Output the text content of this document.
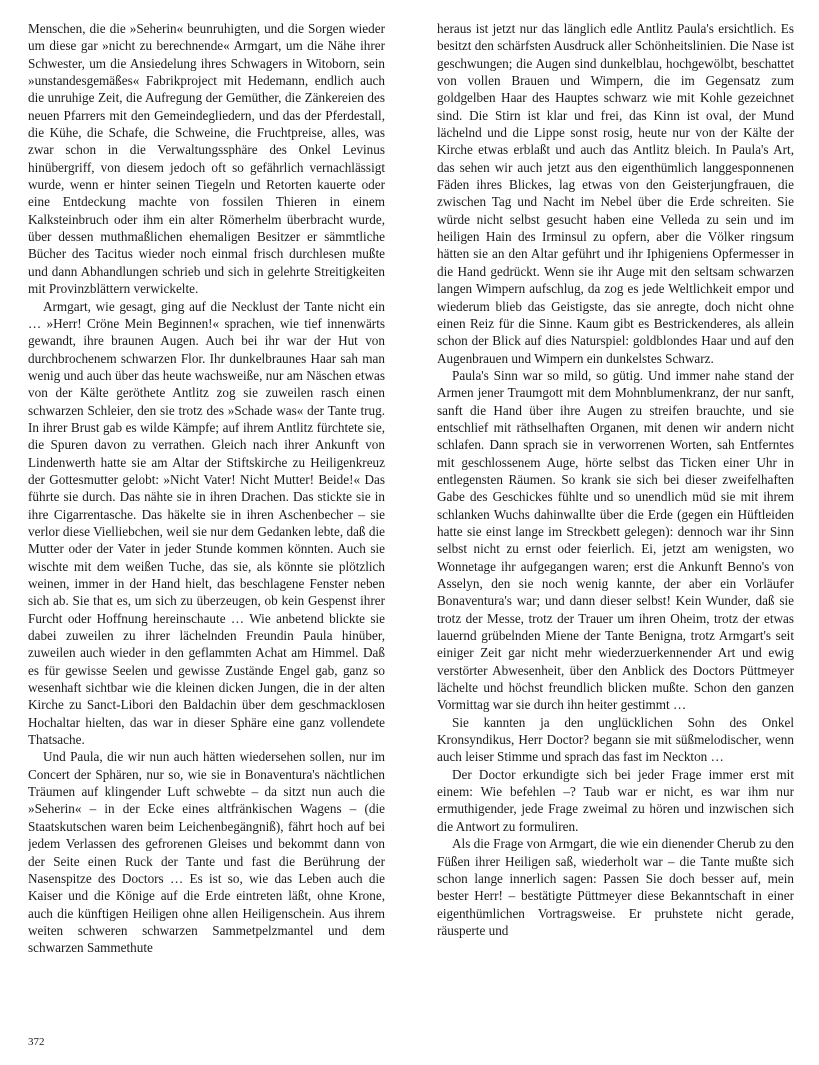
Menschen, die die »Seherin« beunruhigten, und die Sorgen wieder um diese gar »nicht zu berechnende« Armgart, um die Nähe ihrer Schwester, um die Ansiedelung ihres Schwagers in Witoborn, sein »unstandesgemäßes« Fabrikproject mit Hedemann, endlich auch die unruhige Zeit, die Aufregung der Gemüther, die Zänkereien des neuen Pfarrers mit den Gemeindegliedern, und das der Pferdestall, die Kühe, die Schafe, die Schweine, die Fruchtpreise, alles, was zwar schon in die Verwaltungssphäre des Onkel Levinus hinübergriff, von diesem jedoch oft so gefährlich vernachlässigt wurde, wenn er hinter seinen Tiegeln und Retorten kauerte oder eine Entdeckung machte von fossilen Thieren in einem Kalksteinbruch oder ihm ein alter Römerhelm überbracht wurde, über dessen muthmaßlichen ehemaligen Besitzer er sämmtliche Bücher des Tacitus wieder noch einmal frisch durchlesen mußte und dann Abhandlungen schrieb und sich in gelehrte Streitigkeiten mit Provinzblättern verwickelte.

Armgart, wie gesagt, ging auf die Necklust der Tante nicht ein … »Herr! Cröne Mein Beginnen!« sprachen, wie tief innenwärts gewandt, ihre braunen Augen. Auch bei ihr war der Hut von durchbrochenem schwarzen Flor. Ihr dunkelbraunes Haar sah man wenig und auch über das heute wachsweiße, nur am Näschen etwas von der Kälte geröthete Antlitz zog sie zuweilen rasch einen schwarzen Schleier, den sie trotz des »Schade was« der Tante trug. In ihrer Brust gab es wilde Kämpfe; auf ihrem Antlitz fürchtete sie, die Spuren davon zu verrathen. Gleich nach ihrer Ankunft von Lindenwerth hatte sie am Altar der Stiftskirche zu Heiligenkreuz der Gottesmutter gelobt: »Nicht Vater! Nicht Mutter! Beide!« Das führte sie durch. Das nähte sie in ihren Drachen. Das stickte sie in ihre Cigarrentasche. Das häkelte sie in ihren Aschenbecher – sie verlor diese Vielliebchen, weil sie nur dem Gedanken lebte, daß die Mutter oder der Vater in jeder Stunde kommen könnten. Auch sie wischte mit dem weißen Tuche, das sie, als könnte sie plötzlich weinen, immer in der Hand hielt, das beschlagene Fenster neben sich ab. Sie that es, um sich zu überzeugen, ob kein Gespenst ihrer Furcht oder Hoffnung hereinschaute … Wie anbetend blickte sie dabei zuweilen zu ihrer lächelnden Freundin Paula hinüber, zuweilen auch wieder in den geflammten Achat am Himmel. Daß es für gewisse Seelen und gewisse Zustände Engel gab, ganz so wesenhaft sichtbar wie die kleinen dicken Jungen, die in der alten Kirche zu Sanct-Libori den Baldachin über dem geschmacklosen Hochaltar hielten, das war in dieser Sphäre eine ganz vollendete Thatsache.

Und Paula, die wir nun auch hätten wiedersehen sollen, nur im Concert der Sphären, nur so, wie sie in Bonaventura's nächtlichen Träumen auf klingender Luft schwebte – da sitzt nun auch die »Seherin« – in der Ecke eines altfränkischen Wagens – (die Staatskutschen waren beim Leichenbegängniß), fährt hoch auf bei jedem Verlassen des gefrorenen Gleises und bekommt dann von der Seite einen Ruck der Tante und fast die Berührung der Nasenspitze des Doctors … Es ist so, wie das Leben auch die Kaiser und die Könige auf die Erde eintreten läßt, ohne Krone, auch die künftigen Heiligen ohne allen Heiligenschein. Aus ihrem weiten schweren schwarzen Sammetpelzmantel und dem schwarzen Sammethute

heraus ist jetzt nur das länglich edle Antlitz Paula's ersichtlich. Es besitzt den schärfsten Ausdruck aller Schönheitslinien. Die Nase ist geschwungen; die Augen sind dunkelblau, hochgewölbt, beschattet von vollen Brauen und Wimpern, die im Gegensatz zum goldgelben Haar des Hauptes schwarz wie mit Kohle gezeichnet sind. Die Stirn ist klar und frei, das Kinn ist oval, der Mund lächelnd und die Lippe sonst rosig, heute nur von der Kälte der Kirche etwas erblaßt und auch das Antlitz bleich. In Paula's Art, das sehen wir auch jetzt aus den eigenthümlich langgesponnenen Fäden ihres Blickes, lag etwas von den Geisterjungfrauen, die zwischen Tag und Nacht im Nebel über die Erde schreiten. Sie würde nicht selbst gesucht haben eine Velleda zu sein und im heiligen Hain des Irminsul zu opfern, aber die Völker ringsum hätten sie an den Altar geführt und ihr Iphigeniens Opfermesser in die Hand gedrückt. Wenn sie ihr Auge mit den seltsam schwarzen langen Wimpern aufschlug, da zog es jede Weltlichkeit empor und wiederum blieb das Geistigste, das sie anregte, doch nicht ohne einen Reiz für die Sinne. Kaum gibt es Bestrickenderes, als allein schon der Blick auf dies Naturspiel: goldblondes Haar und auf den Augenbrauen und Wimpern ein dunkelstes Schwarz.

Paula's Sinn war so mild, so gütig. Und immer nahe stand der Armen jener Traumgott mit dem Mohnblumenkranz, der nur sanft, sanft die Hand über ihre Augen zu streifen brauchte, und sie entschlief mit räthselhaften Organen, mit denen wir andern nicht schlafen. Dann sprach sie in verworrenen Worten, sah Entferntes mit geschlossenem Auge, hörte selbst das Ticken einer Uhr in entlegensten Räumen. So krank sie sich bei dieser zweifelhaften Gabe des Geschickes fühlte und so unendlich müd sie mit ihrem schlanken Wuchs dahinwallte über die Erde (gegen ein Hüftleiden hatte sie einst lange im Streckbett gelegen): dennoch war ihr Sinn selbst nicht zu ernst oder feierlich. Ei, jetzt am wenigsten, wo Wonnetage ihr aufgegangen waren; erst die Ankunft Benno's von Asselyn, den sie noch wenig kannte, der aber ein Vorläufer Bonaventura's war; und dann dieser selbst! Kein Wunder, daß sie trotz der Messe, trotz der Trauer um ihren Oheim, trotz der etwas lauernd grübelnden Miene der Tante Benigna, trotz Armgart's seit einiger Zeit gar nicht mehr wiederzuerkennender Art und ewig verstörter Abwesenheit, über den Anblick des Doctors Püttmeyer lächelte und höchst freundlich blicken mußte. Schon den ganzen Vormittag war sie durch ihn heiter gestimmt …

Sie kannten ja den unglücklichen Sohn des Onkel Kronsyndikus, Herr Doctor? begann sie mit süßmelodischer, wenn auch leiser Stimme und sprach das fast im Neckton …

Der Doctor erkundigte sich bei jeder Frage immer erst mit einem: Wie befehlen –? Taub war er nicht, es war ihm nur ermuthigender, jede Frage zweimal zu hören und inzwischen sich die Antwort zu formuliren.

Als die Frage von Armgart, die wie ein dienender Cherub zu den Füßen ihrer Heiligen saß, wiederholt war – die Tante mußte sich schon lange innerlich sagen: Passen Sie doch besser auf, mein bester Herr! – bestätigte Püttmeyer diese Bekanntschaft in einer eigenthümlichen Vortragsweise. Er pruhstete nicht gerade, räusperte und

372
